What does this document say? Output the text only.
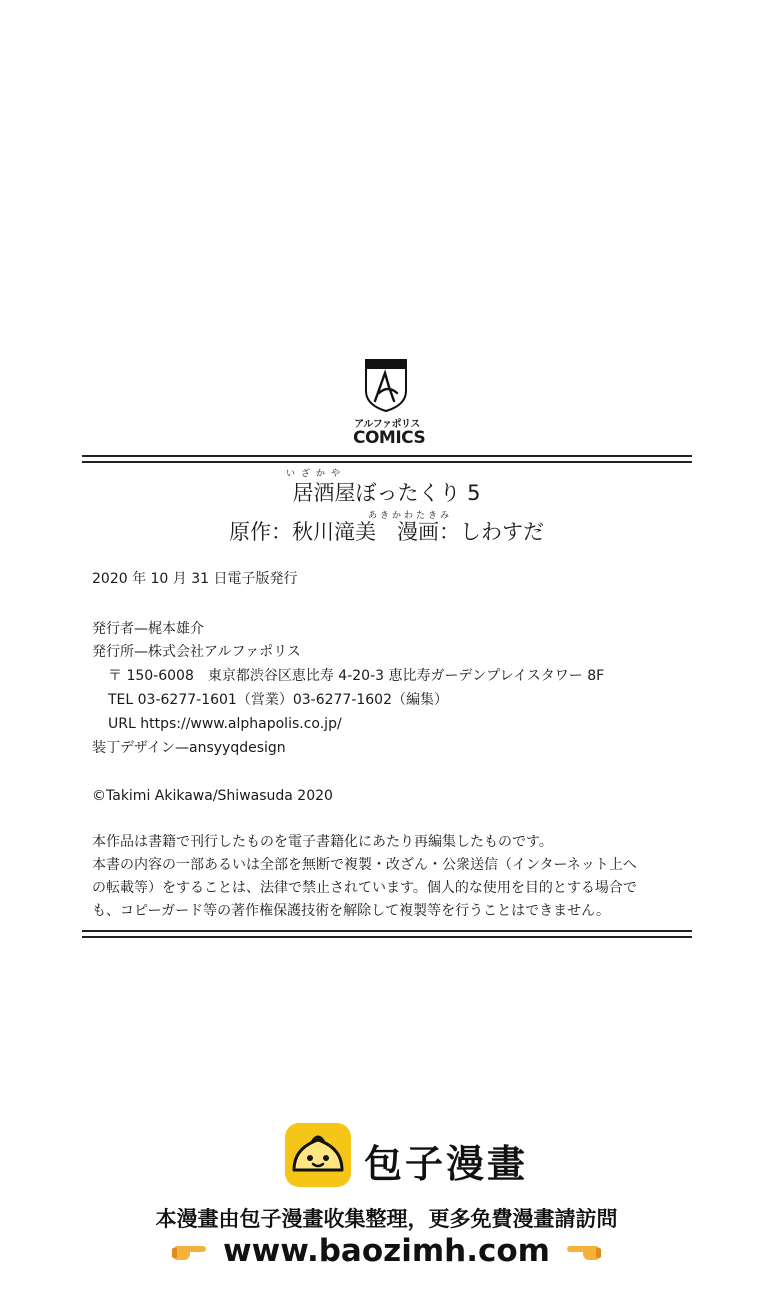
アルファポリス
COMICS
いざかや
居酒屋ぼったくり 5
あきかわたきみ
原作：秋川滝美　漫画：しわすだ
2020 年 10 月 31 日電子版発行
発行者—梶本雄介
発行所—株式会社アルファポリス
〒 150-6008　東京都渋谷区恵比寿 4-20-3 恵比寿ガーデンプレイスタワー 8F
TEL 03-6277-1601（営業）03-6277-1602（編集）
URL https://www.alphapolis.co.jp/
装丁デザイン—ansyyqdesign
©Takimi Akikawa/Shiwasuda 2020
本作品は書籍で刊行したものを電子書籍化にあたり再編集したものです。
本書の内容の一部あるいは全部を無断で複製・改ざん・公衆送信（インターネット上へ
の転載等）をすることは、法律で禁止されています。個人的な使用を目的とする場合で
も、コピーガード等の著作権保護技術を解除して複製等を行うことはできません。
包子漫畫
本漫畫由包子漫畫收集整理，更多免費漫畫請訪問
www.baozimh.com
